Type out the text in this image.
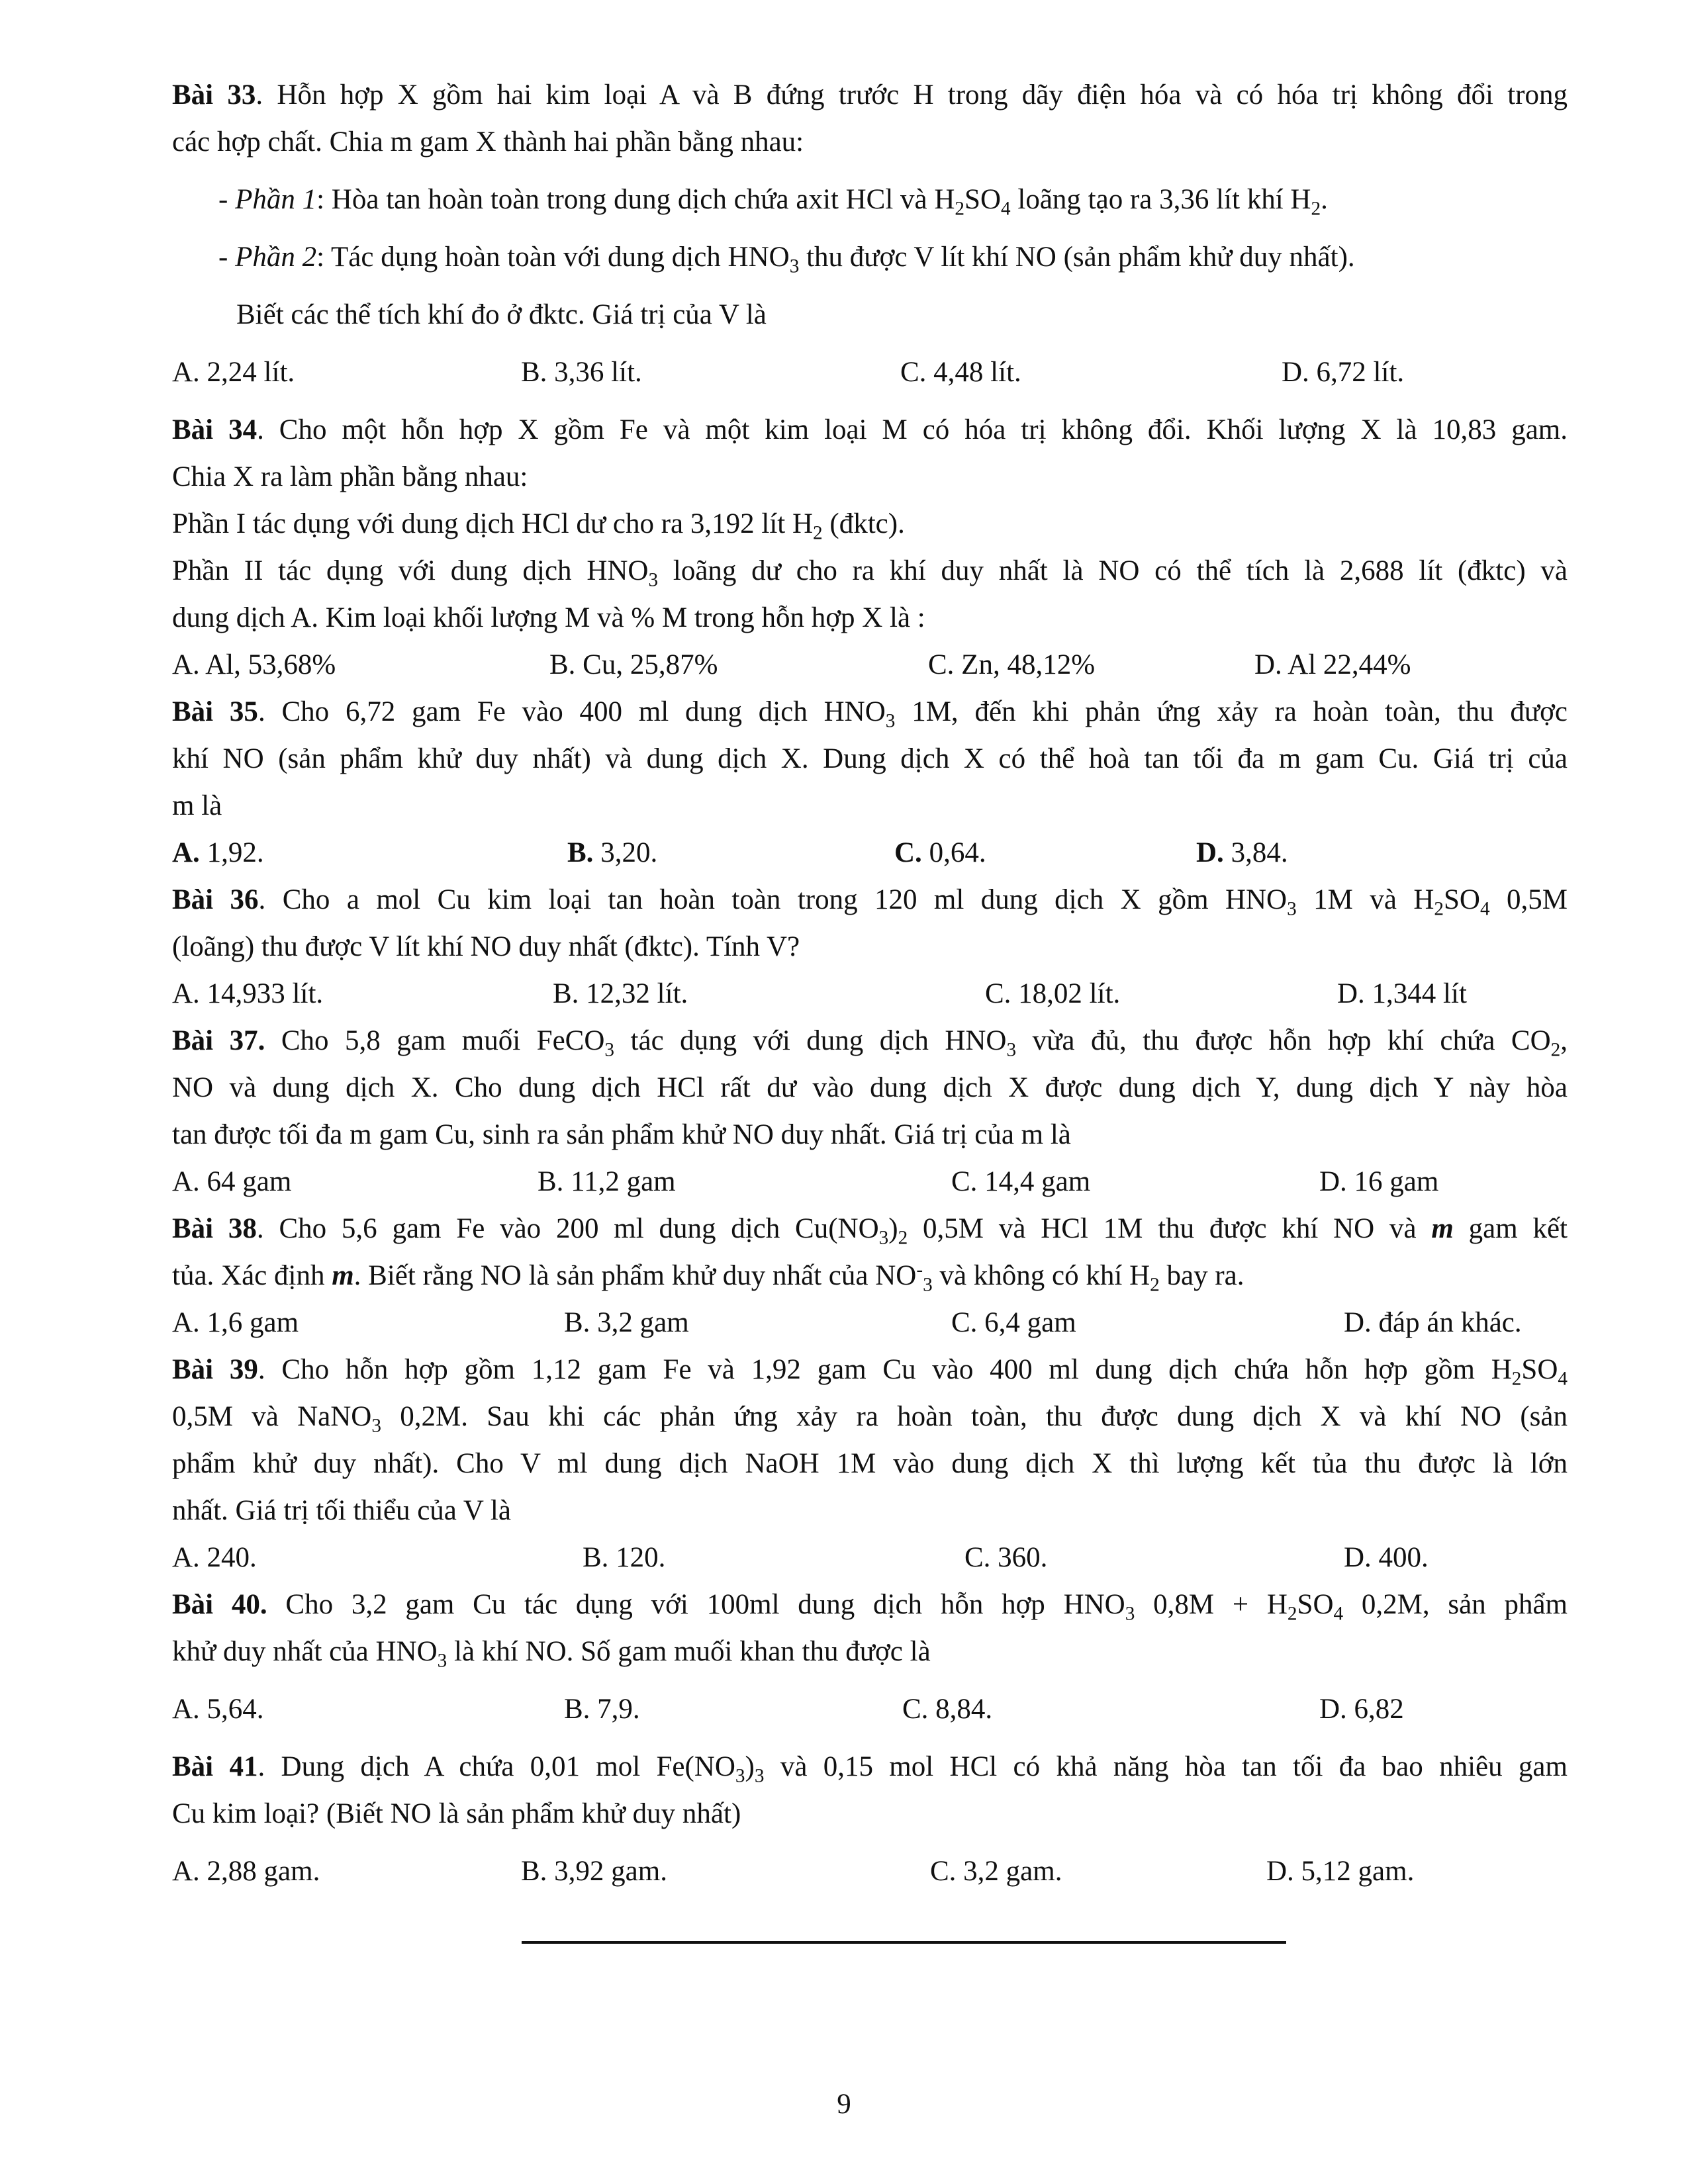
Bài 33. Hỗn hợp X gồm hai kim loại A và B đứng trước H trong dãy điện hóa và có hóa trị không đổi trong
các hợp chất. Chia m gam X thành hai phần bằng nhau:
- Phần 1: Hòa tan hoàn toàn trong dung dịch chứa axit HCl và $H_2SO_4$ loãng tạo ra 3,36 lít khí $H_2$.
- Phần 2: Tác dụng hoàn toàn với dung dịch $HNO_3$ thu được V lít khí NO (sản phẩm khử duy nhất).
Biết các thể tích khí đo ở đktc. Giá trị của V là
A. 2,24 lít.	B. 3,36 lít.	C. 4,48 lít.	D. 6,72 lít.
Bài 34. Cho một hỗn hợp X gồm Fe và một kim loại M có hóa trị không đổi. Khối lượng X là 10,83 gam.
Chia X ra làm phần bằng nhau:
Phần I tác dụng với dung dịch HCl dư cho ra 3,192 lít $H_2$ (đktc).
Phần II tác dụng với dung dịch $HNO_3$ loãng dư cho ra khí duy nhất là NO có thể tích là 2,688 lít (đktc) và
dung dịch A. Kim loại khối lượng M và % M trong hỗn hợp X là :
A. Al, 53,68%	B. Cu, 25,87%	C. Zn, 48,12%	D. Al 22,44%
Bài 35. Cho 6,72 gam Fe vào 400 ml dung dịch $HNO_3$ 1M, đến khi phản ứng xảy ra hoàn toàn, thu được
khí NO (sản phẩm khử duy nhất) và dung dịch X. Dung dịch X có thể hoà tan tối đa m gam Cu. Giá trị của
m là
A. 1,92.	B. 3,20.	C. 0,64.	D. 3,84.
Bài 36. Cho a mol Cu kim loại tan hoàn toàn trong 120 ml dung dịch X gồm $HNO_3$ 1M và $H_2SO_4$ 0,5M
(loãng) thu được V lít khí NO duy nhất (đktc). Tính V?
A. 14,933 lít.	B. 12,32 lít.	C. 18,02 lít.	D. 1,344 lít
Bài 37. Cho 5,8 gam muối FeCO$_3$ tác dụng với dung dịch $HNO_3$ vừa đủ, thu được hỗn hợp khí chứa $CO_2$,
NO và dung dịch X. Cho dung dịch HCl rất dư vào dung dịch X được dung dịch Y, dung dịch Y này hòa
tan được tối đa m gam Cu, sinh ra sản phẩm khử NO duy nhất. Giá trị của m là
A. 64 gam	B. 11,2 gam	C. 14,4 gam	D. 16 gam
Bài 38. Cho 5,6 gam Fe vào 200 ml dung dịch $Cu(NO_3)_2$ 0,5M và HCl 1M thu được khí NO và m gam kết
tủa. Xác định m. Biết rằng NO là sản phẩm khử duy nhất của $NO^-_3$ và không có khí $H_2$ bay ra.
A. 1,6 gam	B. 3,2 gam	C. 6,4 gam	D. đáp án khác.
Bài 39. Cho hỗn hợp gồm 1,12 gam Fe và 1,92 gam Cu vào 400 ml dung dịch chứa hỗn hợp gồm $H_2SO_4$
0,5M và NaNO$_3$ 0,2M. Sau khi các phản ứng xảy ra hoàn toàn, thu được dung dịch X và khí NO (sản
phẩm khử duy nhất). Cho V ml dung dịch NaOH 1M vào dung dịch X thì lượng kết tủa thu được là lớn
nhất. Giá trị tối thiểu của V là
A. 240.	B. 120.	C. 360.	D. 400.
Bài 40. Cho 3,2 gam Cu tác dụng với 100ml dung dịch hỗn hợp $HNO_3$ $0,8M + H_2SO_4$ 0,2M, sản phẩm
khử duy nhất của $HNO_3$ là khí NO. Số gam muối khan thu được là
A. 5,64.	B. 7,9.	C. 8,84.	D. 6,82
Bài 41. Dung dịch A chứa 0,01 mol $Fe(NO_3)_3$ và 0,15 mol HCl có khả năng hòa tan tối đa bao nhiêu gam
Cu kim loại? (Biết NO là sản phẩm khử duy nhất)
A. 2,88 gam.	B. 3,92 gam.	C. 3,2 gam.	D. 5,12 gam.
9
